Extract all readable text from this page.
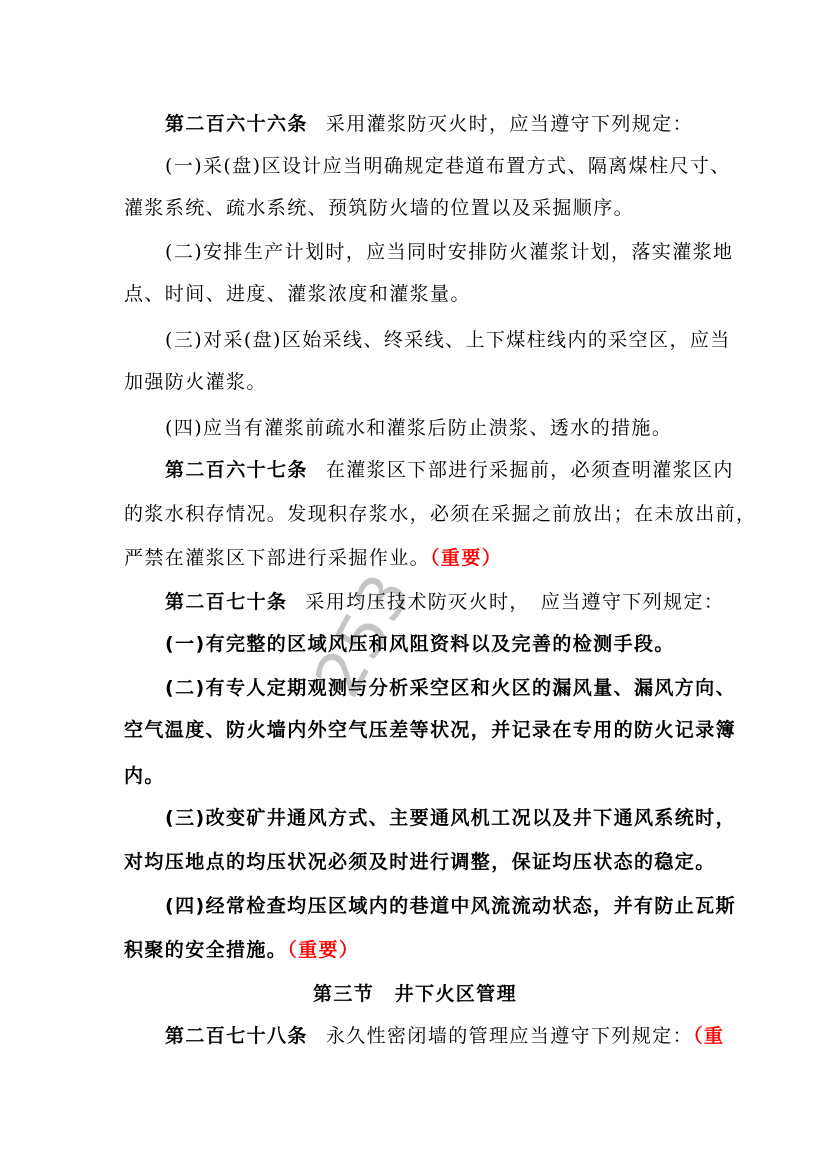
253
第二百六十六条 采用灌浆防灭火时，应当遵守下列规定：
(一)采(盘)区设计应当明确规定巷道布置方式、隔离煤柱尺寸、
灌浆系统、疏水系统、预筑防火墙的位置以及采掘顺序。
(二)安排生产计划时，应当同时安排防火灌浆计划，落实灌浆地
点、时间、进度、灌浆浓度和灌浆量。
(三)对采(盘)区始采线、终采线、上下煤柱线内的采空区，应当
加强防火灌浆。
(四)应当有灌浆前疏水和灌浆后防止溃浆、透水的措施。
第二百六十七条 在灌浆区下部进行采掘前，必须查明灌浆区内
的浆水积存情况。发现积存浆水，必须在采掘之前放出；在未放出前，
严禁在灌浆区下部进行采掘作业。（重要）
第二百七十条 采用均压技术防灭火时，　应当遵守下列规定：
(一)有完整的区域风压和风阻资料以及完善的检测手段。
(二)有专人定期观测与分析采空区和火区的漏风量、漏风方向、
空气温度、防火墙内外空气压差等状况，并记录在专用的防火记录簿
内。
(三)改变矿井通风方式、主要通风机工况以及井下通风系统时，
对均压地点的均压状况必须及时进行调整，保证均压状态的稳定。
(四)经常检查均压区域内的巷道中风流流动状态，并有防止瓦斯
积聚的安全措施。（重要）
第三节　井下火区管理
第二百七十八条 永久性密闭墙的管理应当遵守下列规定：（重
